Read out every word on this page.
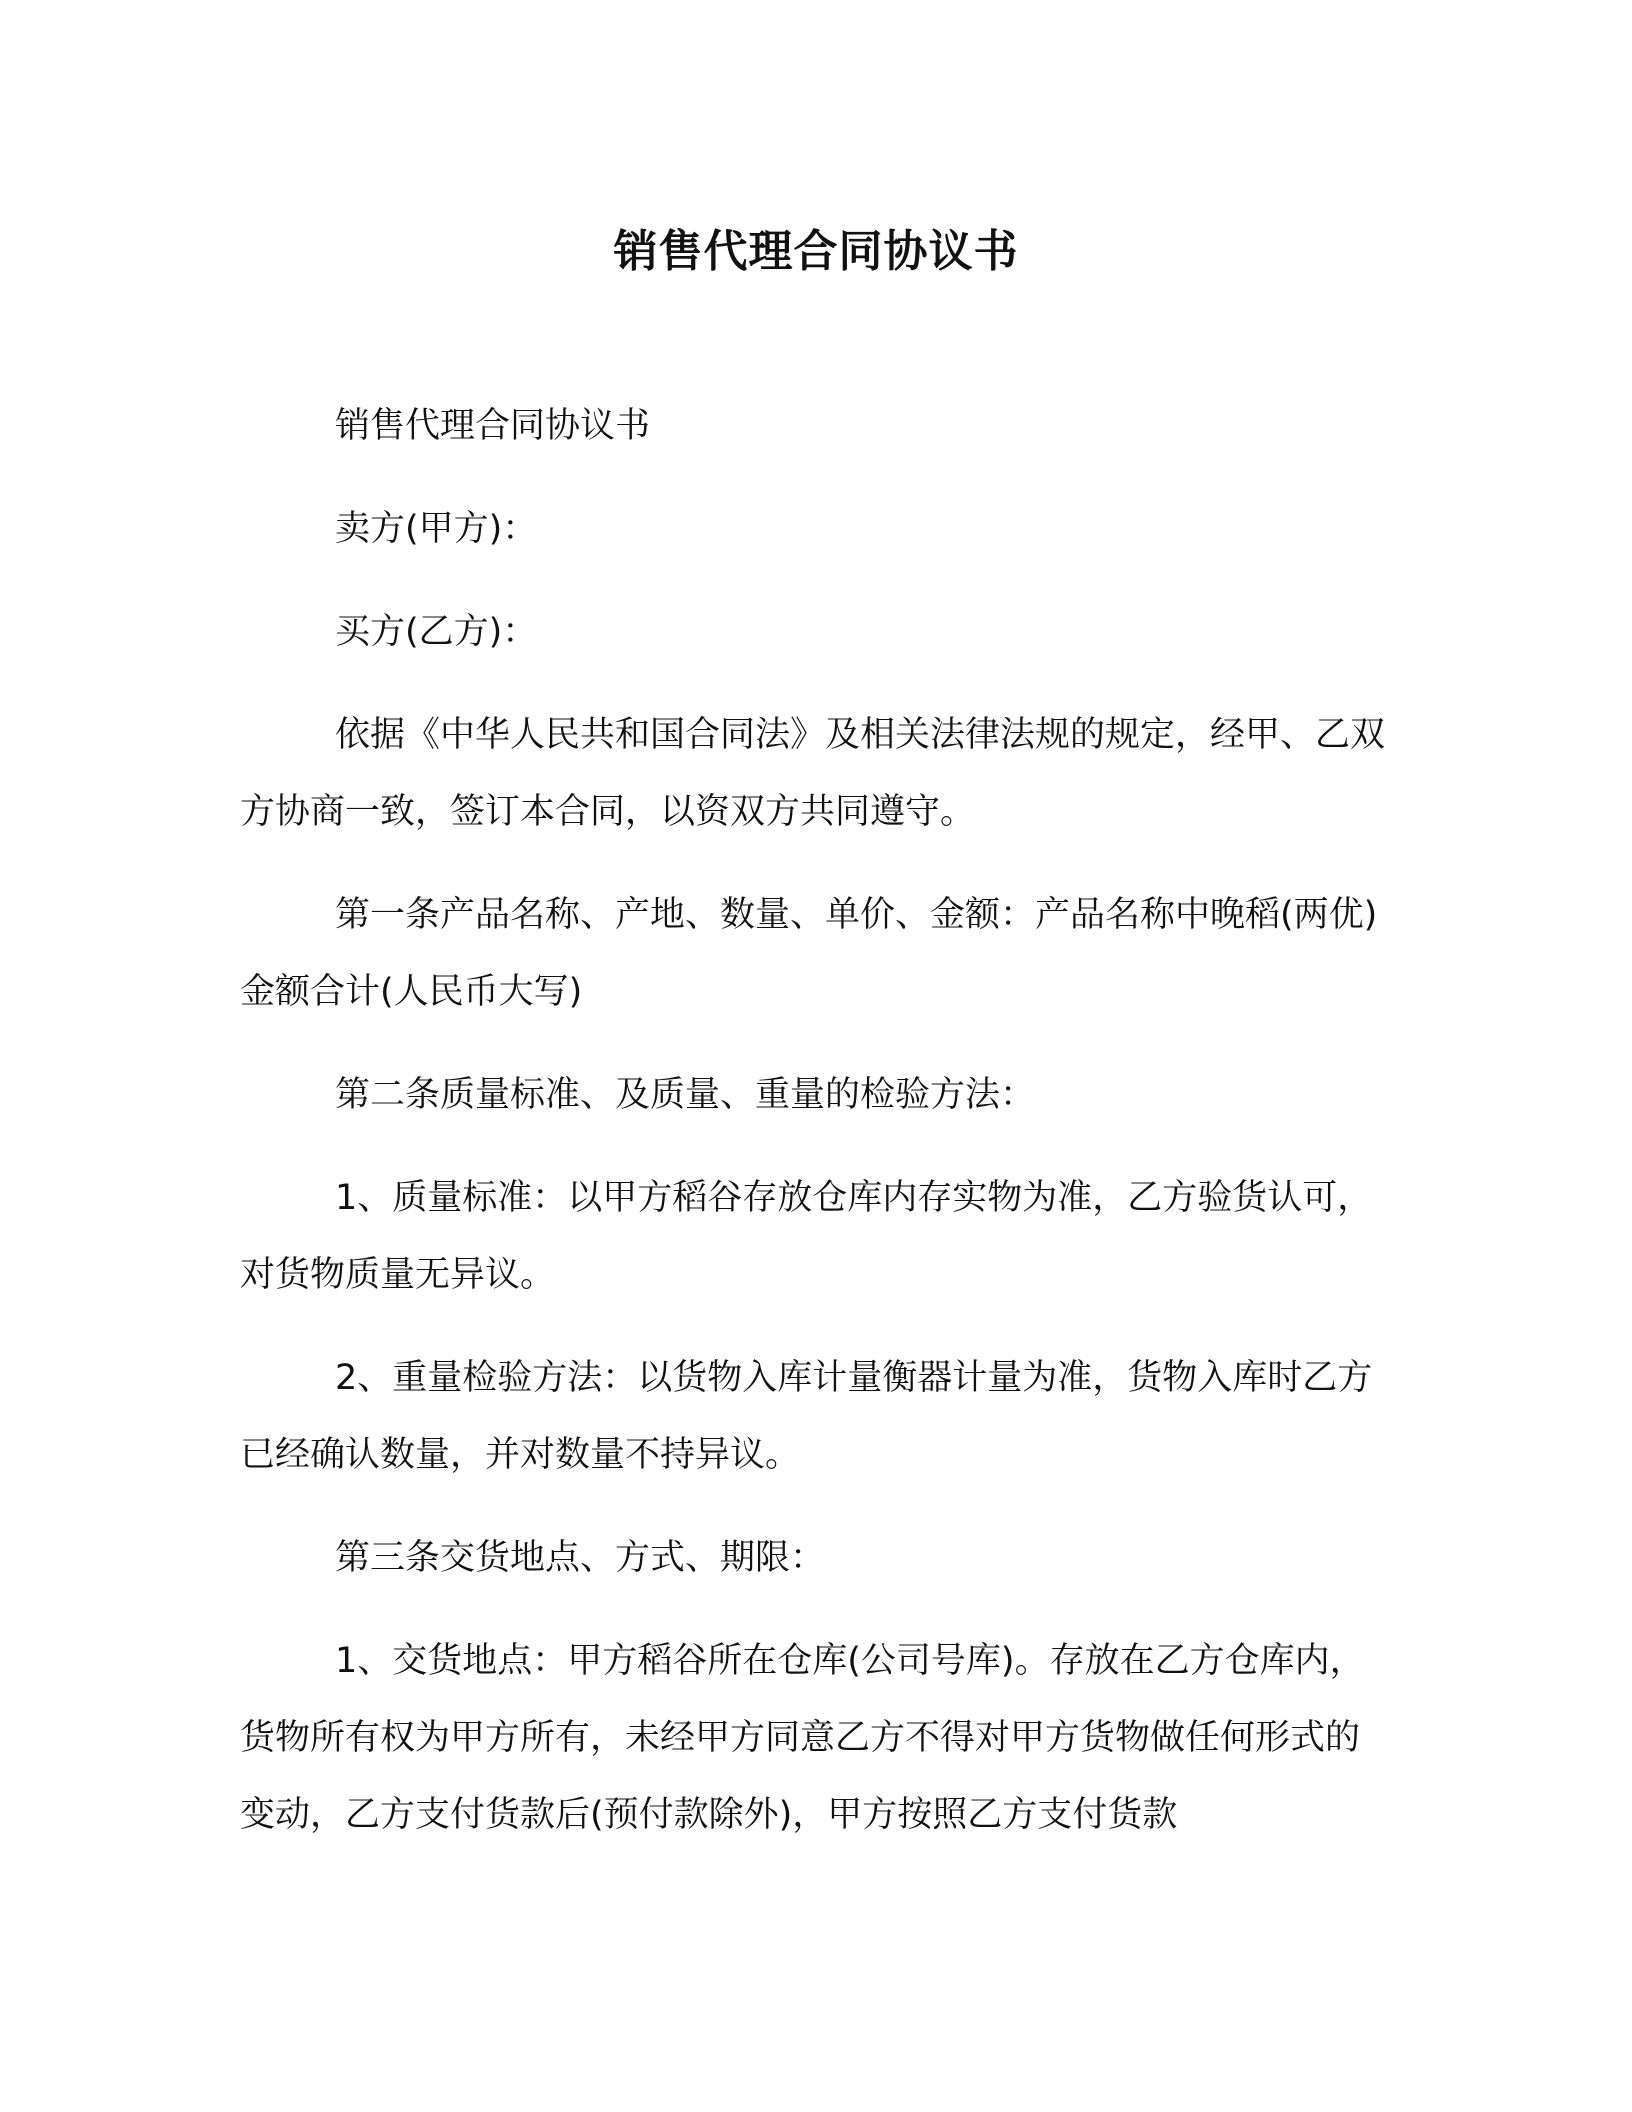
销售代理合同协议书

销售代理合同协议书

卖方(甲方)：

买方(乙方)：

依据《中华人民共和国合同法》及相关法律法规的规定，经甲、乙双方协商一致，签订本合同，以资双方共同遵守。

第一条产品名称、产地、数量、单价、金额：产品名称中晚稻(两优)金额合计(人民币大写)

第二条质量标准、及质量、重量的检验方法：

1、质量标准：以甲方稻谷存放仓库内存实物为准，乙方验货认可，对货物质量无异议。

2、重量检验方法：以货物入库计量衡器计量为准，货物入库时乙方已经确认数量，并对数量不持异议。

第三条交货地点、方式、期限：

1、交货地点：甲方稻谷所在仓库(公司号库)。存放在乙方仓库内，货物所有权为甲方所有，未经甲方同意乙方不得对甲方货物做任何形式的变动，乙方支付货款后(预付款除外)，甲方按照乙方支付货款
